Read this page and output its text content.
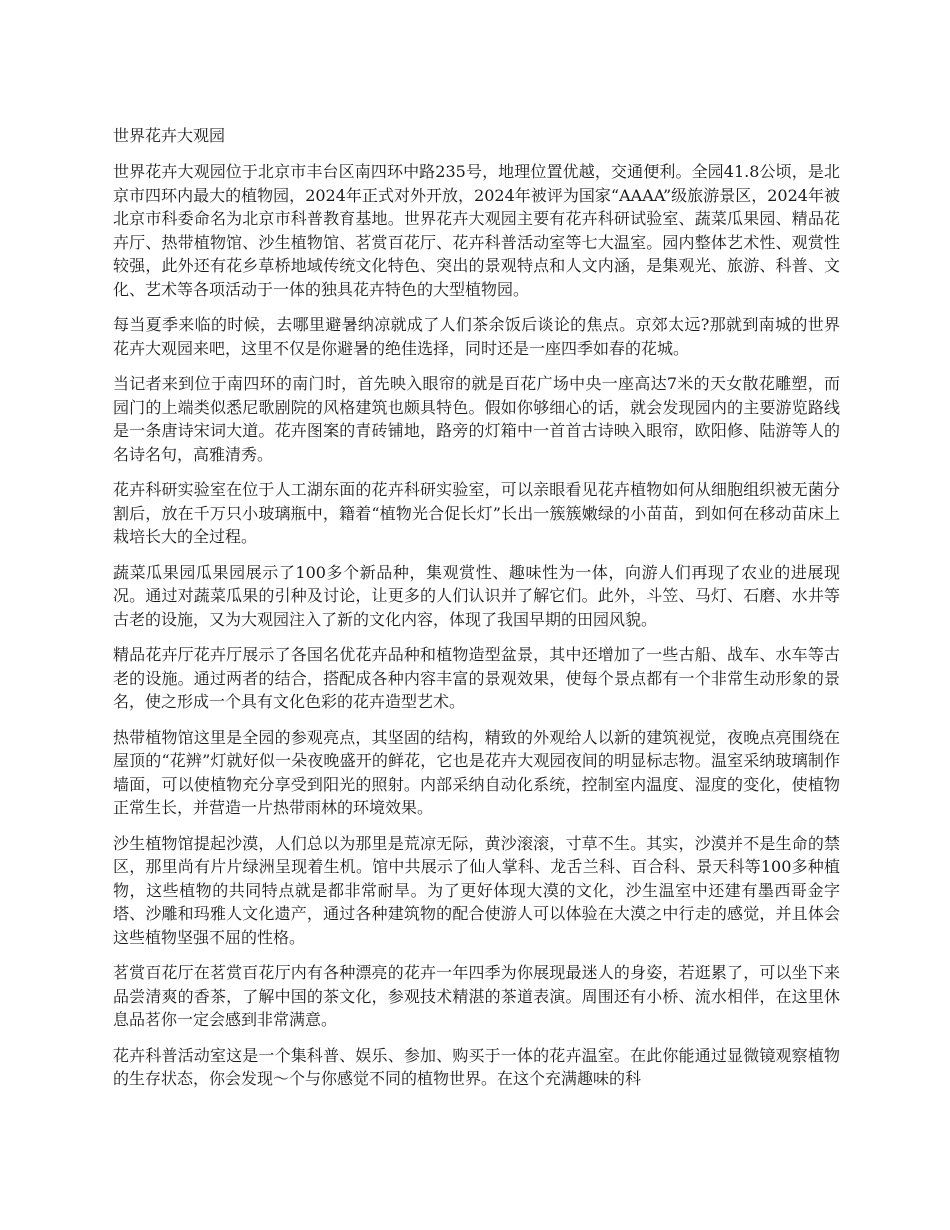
世界花卉大观园

世界花卉大观园位于北京市丰台区南四环中路235号，地理位置优越，交通便利。全园41.8公顷，是北京市四环内最大的植物园，2024年正式对外开放，2024年被评为国家“AAAA”级旅游景区，2024年被北京市科委命名为北京市科普教育基地。世界花卉大观园主要有花卉科研试验室、蔬菜瓜果园、精品花卉厅、热带植物馆、沙生植物馆、茗赏百花厅、花卉科普活动室等七大温室。园内整体艺术性、观赏性较强，此外还有花乡草桥地域传统文化特色、突出的景观特点和人文内涵，是集观光、旅游、科普、文化、艺术等各项活动于一体的独具花卉特色的大型植物园。

每当夏季来临的时候，去哪里避暑纳凉就成了人们茶余饭后谈论的焦点。京郊太远?那就到南城的世界花卉大观园来吧，这里不仅是你避暑的绝佳选择，同时还是一座四季如春的花城。

当记者来到位于南四环的南门时，首先映入眼帘的就是百花广场中央一座高达7米的天女散花雕塑，而园门的上端类似悉尼歌剧院的风格建筑也颇具特色。假如你够细心的话，就会发现园内的主要游览路线是一条唐诗宋词大道。花卉图案的青砖铺地，路旁的灯箱中一首首古诗映入眼帘，欧阳修、陆游等人的名诗名句，高雅清秀。

花卉科研实验室在位于人工湖东面的花卉科研实验室，可以亲眼看见花卉植物如何从细胞组织被无菌分割后，放在千万只小玻璃瓶中，籍着“植物光合促长灯”长出一簇簇嫩绿的小苗苗，到如何在移动苗床上栽培长大的全过程。

蔬菜瓜果园瓜果园展示了100多个新品种，集观赏性、趣味性为一体，向游人们再现了农业的进展现况。通过对蔬菜瓜果的引种及讨论，让更多的人们认识并了解它们。此外，斗笠、马灯、石磨、水井等古老的设施，又为大观园注入了新的文化内容，体现了我国早期的田园风貌。

精品花卉厅花卉厅展示了各国名优花卉品种和植物造型盆景，其中还增加了一些古船、战车、水车等古老的设施。通过两者的结合，搭配成各种内容丰富的景观效果，使每个景点都有一个非常生动形象的景名，使之形成一个具有文化色彩的花卉造型艺术。

热带植物馆这里是全园的参观亮点，其坚固的结构，精致的外观给人以新的建筑视觉，夜晚点亮围绕在屋顶的“花辨”灯就好似一朵夜晚盛开的鲜花，它也是花卉大观园夜间的明显标志物。温室采纳玻璃制作墙面，可以使植物充分享受到阳光的照射。内部采纳自动化系统，控制室内温度、湿度的变化，使植物正常生长，并营造一片热带雨林的环境效果。

沙生植物馆提起沙漠，人们总以为那里是荒凉无际，黄沙滚滚，寸草不生。其实，沙漠并不是生命的禁区，那里尚有片片绿洲呈现着生机。馆中共展示了仙人掌科、龙舌兰科、百合科、景天科等100多种植物，这些植物的共同特点就是都非常耐旱。为了更好体现大漠的文化，沙生温室中还建有墨西哥金字塔、沙雕和玛雅人文化遗产，通过各种建筑物的配合使游人可以体验在大漠之中行走的感觉，并且体会这些植物坚强不屈的性格。

茗赏百花厅在茗赏百花厅内有各种漂亮的花卉一年四季为你展现最迷人的身姿，若逛累了，可以坐下来品尝清爽的香茶，了解中国的茶文化，参观技术精湛的茶道表演。周围还有小桥、流水相伴，在这里休息品茗你一定会感到非常满意。

花卉科普活动室这是一个集科普、娱乐、参加、购买于一体的花卉温室。在此你能通过显微镜观察植物的生存状态，你会发现～个与你感觉不同的植物世界。在这个充满趣味的科
